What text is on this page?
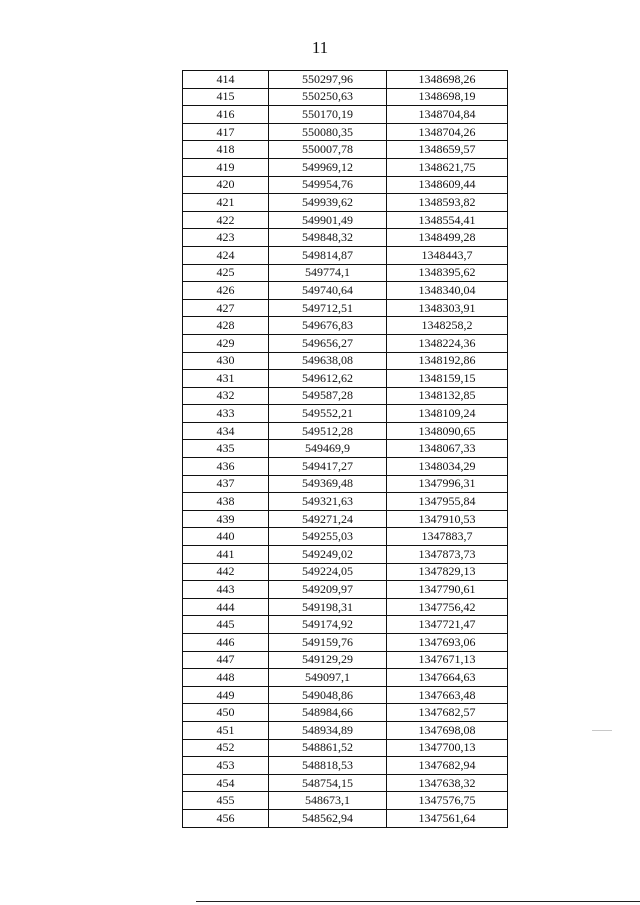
11
414	550297,96	1348698,26
415	550250,63	1348698,19
416	550170,19	1348704,84
417	550080,35	1348704,26
418	550007,78	1348659,57
419	549969,12	1348621,75
420	549954,76	1348609,44
421	549939,62	1348593,82
422	549901,49	1348554,41
423	549848,32	1348499,28
424	549814,87	1348443,7
425	549774,1	1348395,62
426	549740,64	1348340,04
427	549712,51	1348303,91
428	549676,83	1348258,2
429	549656,27	1348224,36
430	549638,08	1348192,86
431	549612,62	1348159,15
432	549587,28	1348132,85
433	549552,21	1348109,24
434	549512,28	1348090,65
435	549469,9	1348067,33
436	549417,27	1348034,29
437	549369,48	1347996,31
438	549321,63	1347955,84
439	549271,24	1347910,53
440	549255,03	1347883,7
441	549249,02	1347873,73
442	549224,05	1347829,13
443	549209,97	1347790,61
444	549198,31	1347756,42
445	549174,92	1347721,47
446	549159,76	1347693,06
447	549129,29	1347671,13
448	549097,1	1347664,63
449	549048,86	1347663,48
450	548984,66	1347682,57
451	548934,89	1347698,08
452	548861,52	1347700,13
453	548818,53	1347682,94
454	548754,15	1347638,32
455	548673,1	1347576,75
456	548562,94	1347561,64
